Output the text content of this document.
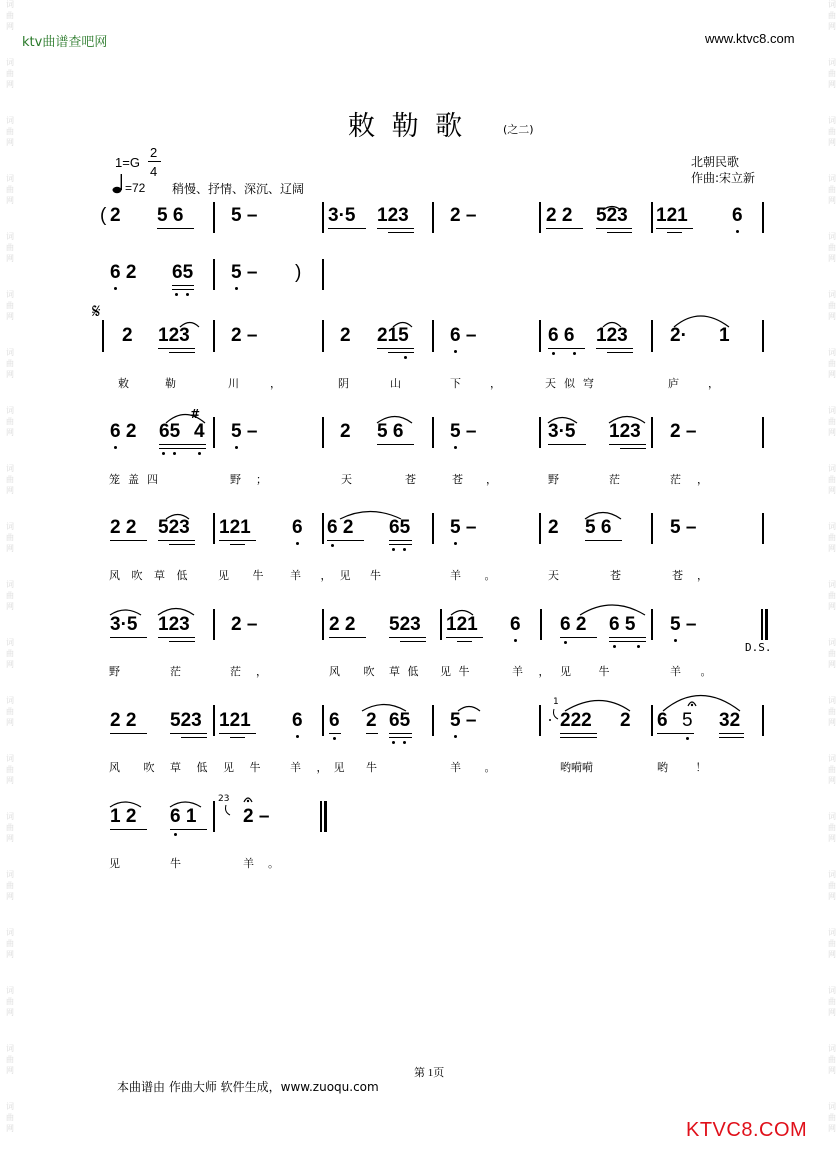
词
曲
网
词
曲
网
词
曲
网
词
曲
网
词
曲
网
词
曲
网
词
曲
网
词
曲
网
词
曲
网
词
曲
网
词
曲
网
词
曲
网
词
曲
网
词
曲
网
词
曲
网
词
曲
网
词
曲
网
词
曲
网
词
曲
网
词
曲
网
词
曲
网
词
曲
网
词
曲
网
词
曲
网
词
曲
网
词
曲
网
词
曲
网
词
曲
网
词
曲
网
词
曲
网
词
曲
网
词
曲
网
词
曲
网
词
曲
网
词
曲
网
词
曲
网
词
曲
网
词
曲
网
词
曲
网
词
曲
网
ktv曲谱查吧网	www.ktvc8.com
敕 勒 歌	(之二)
1=G
2
4
=72 稍慢、抒情、深沉、辽阔
北朝民歌
作曲:宋立新
( 2 5 6	5 –	3·5 123 2 –	2 2 523 121 6
6 2 65 5 – )
𝄋
2 123 2 –	2 215 6 –	6 6 123 2· 1
敕	勒	川	，	阴	山	下	，	天似穹	庐	，
6 2 65
#
4 5 –	2 5 6 5 –	3·5 123 2 –
笼盖四	野 ；	天	苍	苍 ，	野	茫	茫 ，
2 2 523 121 6 6 2 65 5 –	2 5 6	5 –
风 吹 草 低 见 牛 羊 ，见 牛	羊 。	天	苍	苍 ，
3·5 123 2 –	2 2 523 121 6 6 2 6 5 5 –
D.S.
野	茫	茫 ，	风 吹 草 低 见 牛	羊 ， 见 牛	羊 。
2 2 523 121 6 6 2 65 5 –
1
222 2 6 5 32
风 吹 草 低 见 牛 羊 ，见 牛	羊 。	哟嗬嗬	哟 ！
1 2 6 1
23
2 –
见	牛	羊 。
第 1页
本曲谱由 作曲大师 软件生成，www.zuoqu.com
KTVC8.COM
